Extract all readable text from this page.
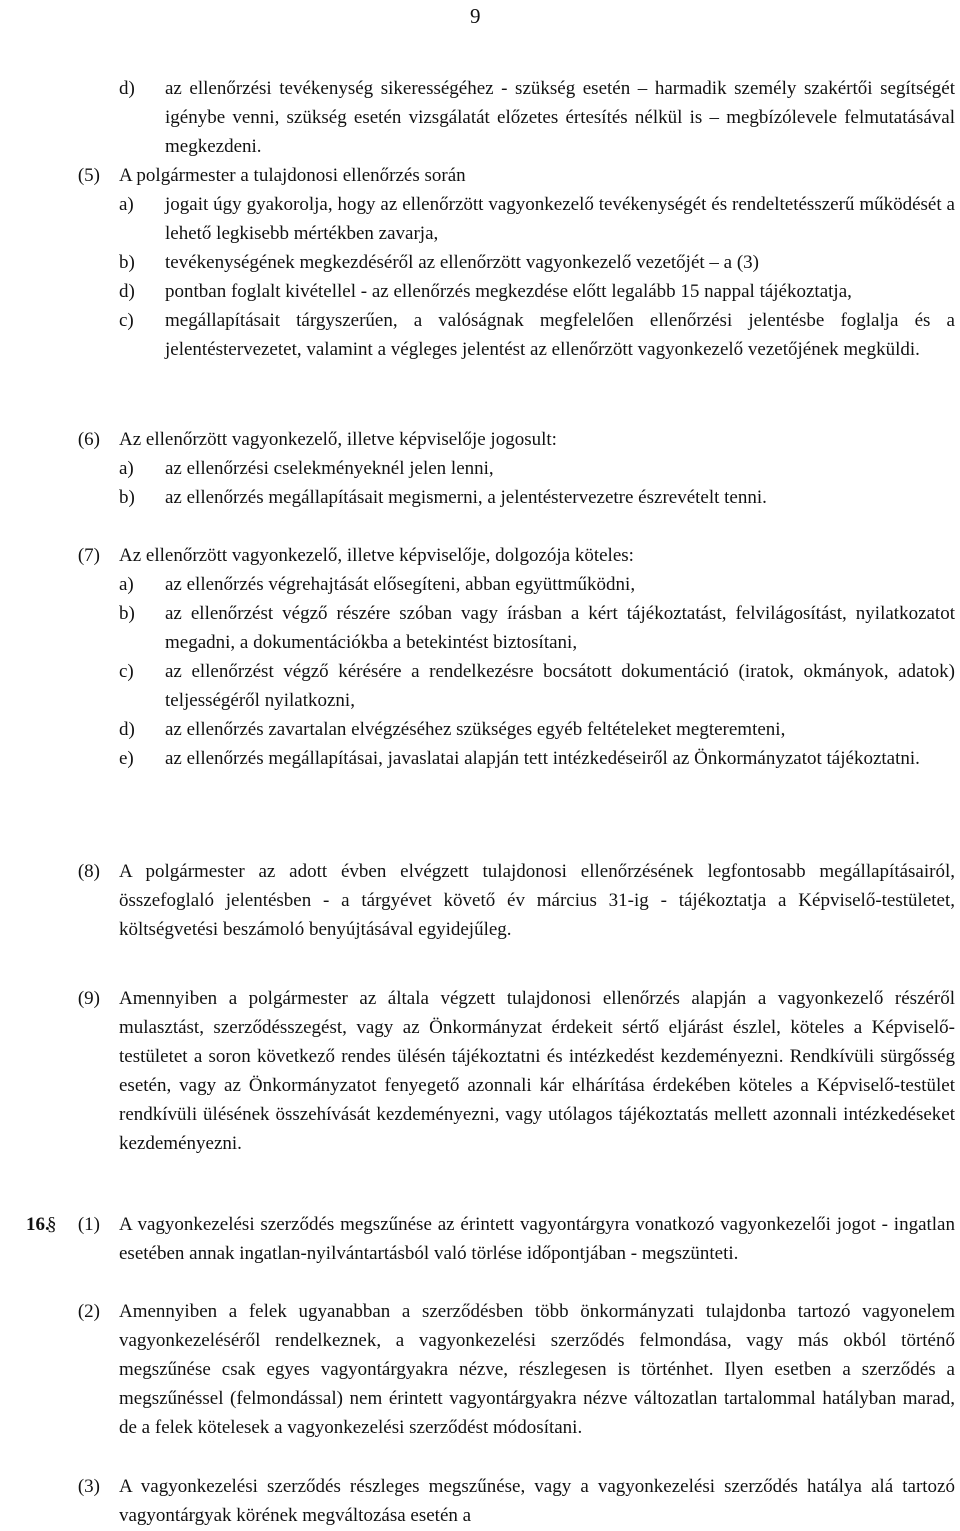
9
d) az ellenőrzési tevékenység sikerességéhez - szükség esetén – harmadik személy szakértői segítségét igénybe venni, szükség esetén vizsgálatát előzetes értesítés nélkül is – megbízólevele felmutatásával megkezdeni.
(5) A polgármester a tulajdonosi ellenőrzés során
a) jogait úgy gyakorolja, hogy az ellenőrzött vagyonkezelő tevékenységét és rendeltetésszerű működését a lehető legkisebb mértékben zavarja,
b) tevékenységének megkezdéséről az ellenőrzött vagyonkezelő vezetőjét – a (3)
d) pontban foglalt kivétellel - az ellenőrzés megkezdése előtt legalább 15 nappal tájékoztatja,
c) megállapításait tárgyszerűen, a valóságnak megfelelően ellenőrzési jelentésbe foglalja és a jelentéstervezetet, valamint a végleges jelentést az ellenőrzött vagyonkezelő vezetőjének megküldi.
(6) Az ellenőrzött vagyonkezelő, illetve képviselője jogosult:
a) az ellenőrzési cselekményeknél jelen lenni,
b) az ellenőrzés megállapításait megismerni, a jelentéstervezetre észrevételt tenni.
(7) Az ellenőrzött vagyonkezelő, illetve képviselője, dolgozója köteles:
a) az ellenőrzés végrehajtását elősegíteni, abban együttműködni,
b) az ellenőrzést végző részére szóban vagy írásban a kért tájékoztatást, felvilágosítást, nyilatkozatot megadni, a dokumentációkba a betekintést biztosítani,
c) az ellenőrzést végző kérésére a rendelkezésre bocsátott dokumentáció (iratok, okmányok, adatok) teljességéről nyilatkozni,
d) az ellenőrzés zavartalan elvégzéséhez szükséges egyéb feltételeket megteremteni,
e) az ellenőrzés megállapításai, javaslatai alapján tett intézkedéseiről az Önkormányzatot tájékoztatni.
(8) A polgármester az adott évben elvégzett tulajdonosi ellenőrzésének legfontosabb megállapításairól, összefoglaló jelentésben - a tárgyévet követő év március 31-ig - tájékoztatja a Képviselő-testületet, költségvetési beszámoló benyújtásával egyidejűleg.
(9) Amennyiben a polgármester az általa végzett tulajdonosi ellenőrzés alapján a vagyonkezelő részéről mulasztást, szerződésszegést, vagy az Önkormányzat érdekeit sértő eljárást észlel, köteles a Képviselő-testületet a soron következő rendes ülésén tájékoztatni és intézkedést kezdeményezni. Rendkívüli sürgősség esetén, vagy az Önkormányzatot fenyegető azonnali kár elhárítása érdekében köteles a Képviselő-testület rendkívüli ülésének összehívását kezdeményezni, vagy utólagos tájékoztatás mellett azonnali intézkedéseket kezdeményezni.
16.
§	(1) A vagyonkezelési szerződés megszűnése az érintett vagyontárgyra vonatkozó vagyonkezelői jogot - ingatlan esetében annak ingatlan-nyilvántartásból való törlése időpontjában - megszünteti.
(2) Amennyiben a felek ugyanabban a szerződésben több önkormányzati tulajdonba tartozó vagyonelem vagyonkezeléséről rendelkeznek, a vagyonkezelési szerződés felmondása, vagy más okból történő megszűnése csak egyes vagyontárgyakra nézve, részlegesen is történhet. Ilyen esetben a szerződés a megszűnéssel (felmondással) nem érintett vagyontárgyakra nézve változatlan tartalommal hatályban marad, de a felek kötelesek a vagyonkezelési szerződést módosítani.
(3) A vagyonkezelési szerződés részleges megszűnése, vagy a vagyonkezelési szerződés hatálya alá tartozó vagyontárgyak körének megváltozása esetén a
